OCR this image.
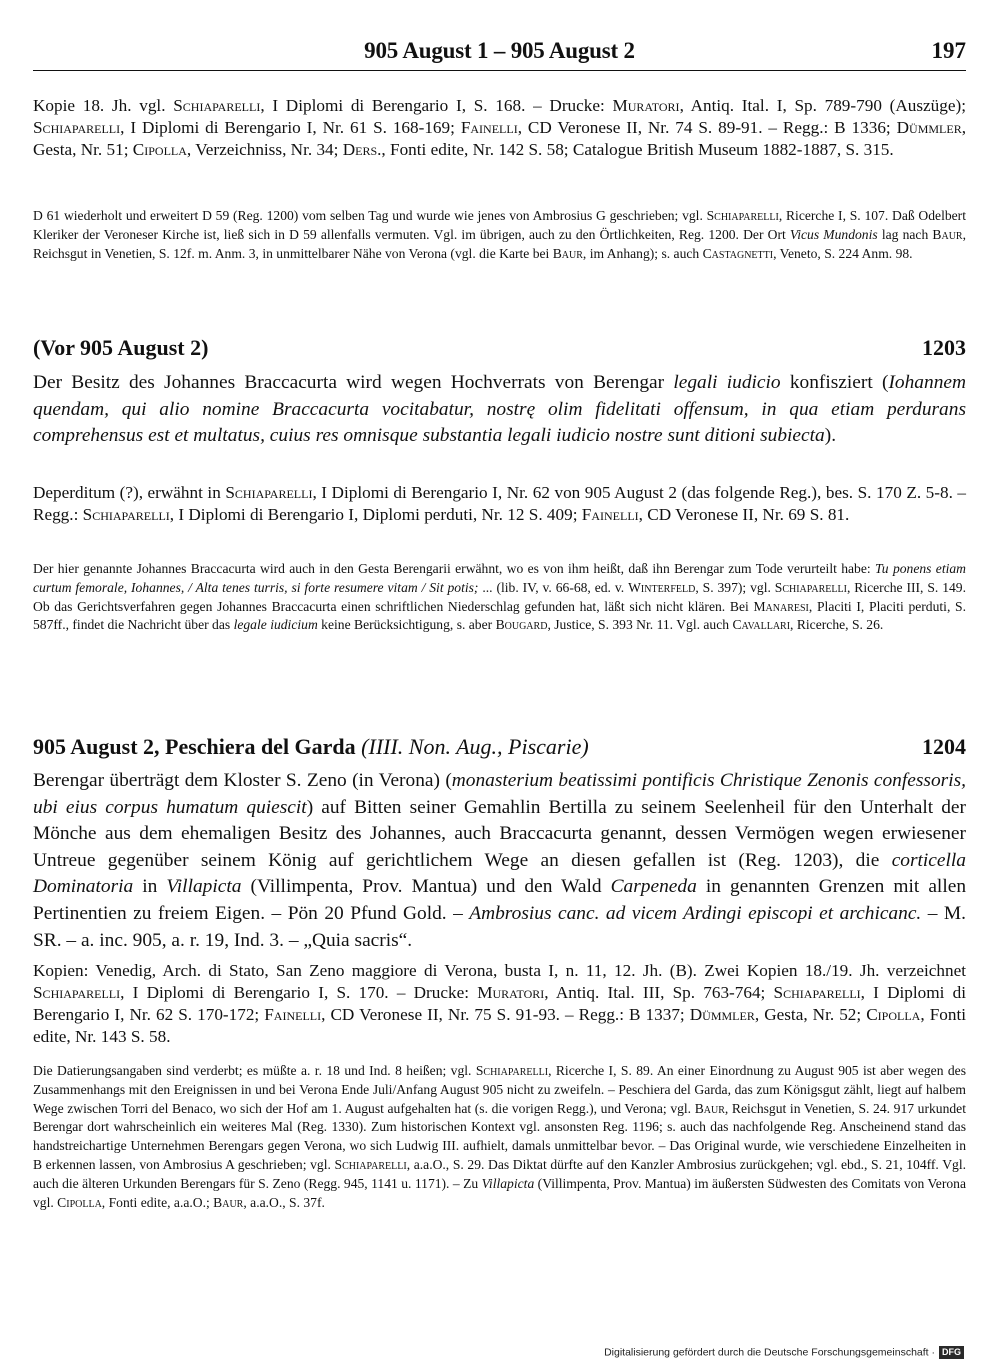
905 August 1 – 905 August 2	197

Kopie 18. Jh. vgl. Schiaparelli, I Diplomi di Berengario I, S. 168. – Drucke: Muratori, Antiq. Ital. I, Sp. 789-790 (Auszüge); Schiaparelli, I Diplomi di Berengario I, Nr. 61 S. 168-169; Fainelli, CD Veronese II, Nr. 74 S. 89-91. – Regg.: B 1336; Dümmler, Gesta, Nr. 51; Cipolla, Verzeichniss, Nr. 34; Ders., Fonti edite, Nr. 142 S. 58; Catalogue British Museum 1882-1887, S. 315.

D 61 wiederholt und erweitert D 59 (Reg. 1200) vom selben Tag und wurde wie jenes von Ambrosius G geschrieben; vgl. Schiaparelli, Ricerche I, S. 107. Daß Odelbert Kleriker der Veroneser Kirche ist, ließ sich in D 59 allenfalls vermuten. Vgl. im übrigen, auch zu den Örtlichkeiten, Reg. 1200. Der Ort Vicus Mundonis lag nach Baur, Reichsgut in Venetien, S. 12f. m. Anm. 3, in unmittelbarer Nähe von Verona (vgl. die Karte bei Baur, im Anhang); s. auch Castagnetti, Veneto, S. 224 Anm. 98.

(Vor 905 August 2)	1203

Der Besitz des Johannes Braccacurta wird wegen Hochverrats von Berengar legali iudicio konfisziert (Iohannem quendam, qui alio nomine Braccacurta vocitabatur, nostrę olim fidelitati offensum, in qua etiam perdurans comprehensus est et multatus, cuius res omnisque substantia legali iudicio nostre sunt ditioni subiecta).

Deperditum (?), erwähnt in Schiaparelli, I Diplomi di Berengario I, Nr. 62 von 905 August 2 (das folgende Reg.), bes. S. 170 Z. 5-8. – Regg.: Schiaparelli, I Diplomi di Berengario I, Diplomi perduti, Nr. 12 S. 409; Fainelli, CD Veronese II, Nr. 69 S. 81.

Der hier genannte Johannes Braccacurta wird auch in den Gesta Berengarii erwähnt, wo es von ihm heißt, daß ihn Berengar zum Tode verurteilt habe: Tu ponens etiam curtum femorale, Iohannes, / Alta tenes turris, si forte resumere vitam / Sit potis; ... (lib. IV, v. 66-68, ed. v. Winterfeld, S. 397); vgl. Schiaparelli, Ricerche III, S. 149. Ob das Gerichtsverfahren gegen Johannes Braccacurta einen schriftlichen Niederschlag gefunden hat, läßt sich nicht klären. Bei Manaresi, Placiti I, Placiti perduti, S. 587ff., findet die Nachricht über das legale iudicium keine Berücksichtigung, s. aber Bougard, Justice, S. 393 Nr. 11. Vgl. auch Cavallari, Ricerche, S. 26.

905 August 2, Peschiera del Garda (IIII. Non. Aug., Piscarie)	1204

Berengar überträgt dem Kloster S. Zeno (in Verona) (monasterium beatissimi pontificis Christique Zenonis confessoris, ubi eius corpus humatum quiescit) auf Bitten seiner Gemahlin Bertilla zu seinem Seelenheil für den Unterhalt der Mönche aus dem ehemaligen Besitz des Johannes, auch Braccacurta genannt, dessen Vermögen wegen erwiesener Untreue gegenüber seinem König auf gerichtlichem Wege an diesen gefallen ist (Reg. 1203), die corticella Dominatoria in Villapicta (Villimpenta, Prov. Mantua) und den Wald Carpeneda in genannten Grenzen mit allen Pertinentien zu freiem Eigen. – Pön 20 Pfund Gold. – Ambrosius canc. ad vicem Ardingi episcopi et archicanc. – M. SR. – a. inc. 905, a. r. 19, Ind. 3. – „Quia sacris“.

Kopien: Venedig, Arch. di Stato, San Zeno maggiore di Verona, busta I, n. 11, 12. Jh. (B). Zwei Kopien 18./19. Jh. verzeichnet Schiaparelli, I Diplomi di Berengario I, S. 170. – Drucke: Muratori, Antiq. Ital. III, Sp. 763-764; Schiaparelli, I Diplomi di Berengario I, Nr. 62 S. 170-172; Fainelli, CD Veronese II, Nr. 75 S. 91-93. – Regg.: B 1337; Dümmler, Gesta, Nr. 52; Cipolla, Fonti edite, Nr. 143 S. 58.

Die Datierungsangaben sind verderbt; es müßte a. r. 18 und Ind. 8 heißen; vgl. Schiaparelli, Ricerche I, S. 89. An einer Einordnung zu August 905 ist aber wegen des Zusammenhangs mit den Ereignissen in und bei Verona Ende Juli/Anfang August 905 nicht zu zweifeln. – Peschiera del Garda, das zum Königsgut zählt, liegt auf halbem Wege zwischen Torri del Benaco, wo sich der Hof am 1. August aufgehalten hat (s. die vorigen Regg.), und Verona; vgl. Baur, Reichsgut in Venetien, S. 24. 917 urkundet Berengar dort wahrscheinlich ein weiteres Mal (Reg. 1330). Zum historischen Kontext vgl. ansonsten Reg. 1196; s. auch das nachfolgende Reg. Anscheinend stand das handstreichartige Unternehmen Berengars gegen Verona, wo sich Ludwig III. aufhielt, damals unmittelbar bevor. – Das Original wurde, wie verschiedene Einzelheiten in B erkennen lassen, von Ambrosius A geschrieben; vgl. Schiaparelli, a.a.O., S. 29. Das Diktat dürfte auf den Kanzler Ambrosius zurückgehen; vgl. ebd., S. 21, 104ff. Vgl. auch die älteren Urkunden Berengars für S. Zeno (Regg. 945, 1141 u. 1171). – Zu Villapicta (Villimpenta, Prov. Mantua) im äußersten Südwesten des Comitats von Verona vgl. Cipolla, Fonti edite, a.a.O.; Baur, a.a.O., S. 37f.

Digitalisierung gefördert durch die Deutsche Forschungsgemeinschaft · DFG
